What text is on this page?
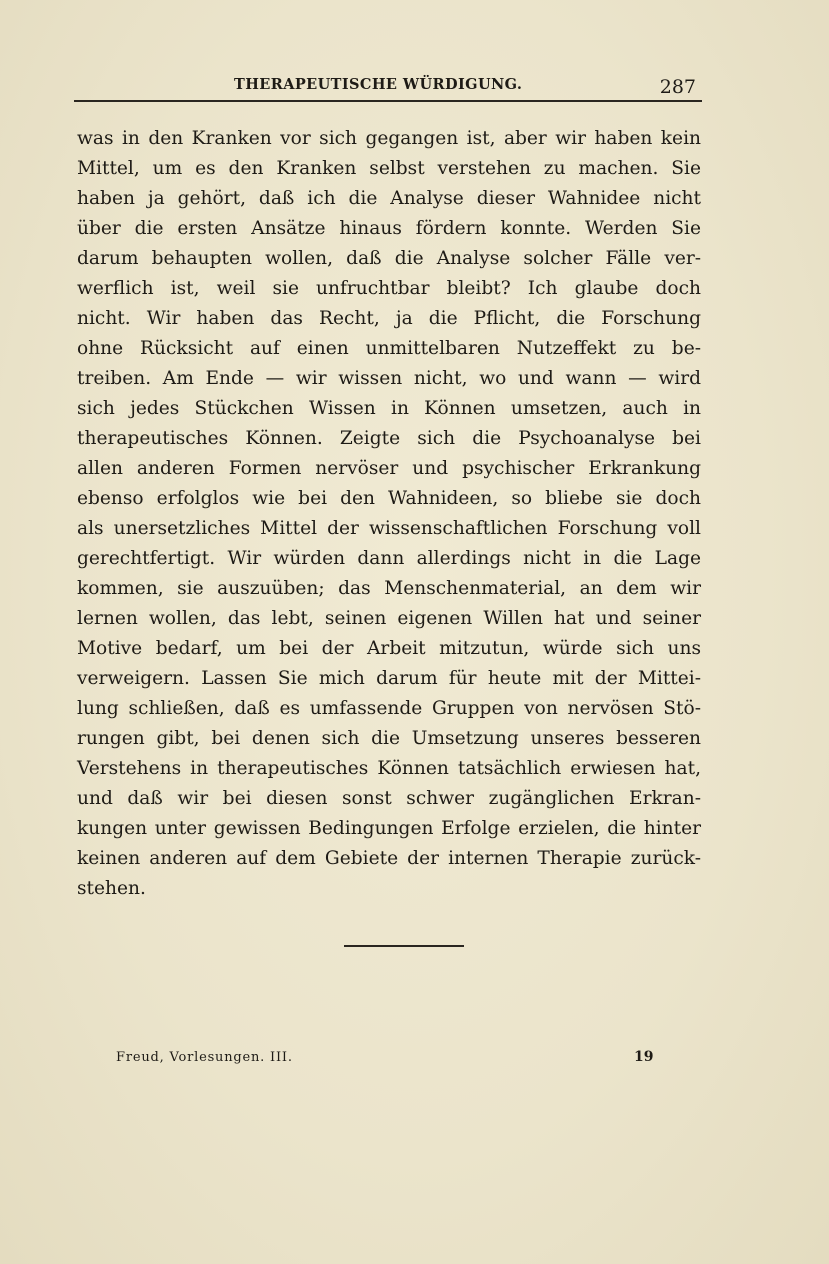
THERAPEUTISCHE WÜRDIGUNG.	287
was in den Kranken vor sich gegangen ist, aber wir haben kein
Mittel, um es den Kranken selbst verstehen zu machen. Sie
haben ja gehört, daß ich die Analyse dieser Wahnidee nicht
über die ersten Ansätze hinaus fördern konnte. Werden Sie
darum behaupten wollen, daß die Analyse solcher Fälle ver-
werflich ist, weil sie unfruchtbar bleibt? Ich glaube doch
nicht. Wir haben das Recht, ja die Pflicht, die Forschung
ohne Rücksicht auf einen unmittelbaren Nutzeffekt zu be-
treiben. Am Ende — wir wissen nicht, wo und wann — wird
sich jedes Stückchen Wissen in Können umsetzen, auch in
therapeutisches Können. Zeigte sich die Psychoanalyse bei
allen anderen Formen nervöser und psychischer Erkrankung
ebenso erfolglos wie bei den Wahnideen, so bliebe sie doch
als unersetzliches Mittel der wissenschaftlichen Forschung voll
gerechtfertigt. Wir würden dann allerdings nicht in die Lage
kommen, sie auszuüben; das Menschenmaterial, an dem wir
lernen wollen, das lebt, seinen eigenen Willen hat und seiner
Motive bedarf, um bei der Arbeit mitzutun, würde sich uns
verweigern. Lassen Sie mich darum für heute mit der Mittei-
lung schließen, daß es umfassende Gruppen von nervösen Stö-
rungen gibt, bei denen sich die Umsetzung unseres besseren
Verstehens in therapeutisches Können tatsächlich erwiesen hat,
und daß wir bei diesen sonst schwer zugänglichen Erkran-
kungen unter gewissen Bedingungen Erfolge erzielen, die hinter
keinen anderen auf dem Gebiete der internen Therapie zurück-
stehen.
Freud, Vorlesungen. III.	19
